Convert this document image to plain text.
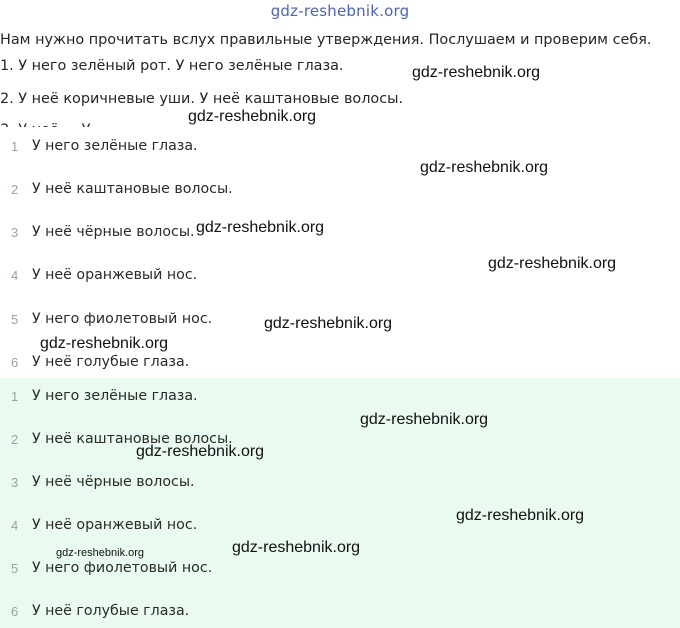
gdz-reshebnik.org
Нам нужно прочитать вслух правильные утверждения. Послушаем и проверим себя.
1. У него зелёный рот. У него зелёные глаза.
2. У неё коричневые уши. У неё каштановые волосы.
1 У него зелёные глаза.
2 У неё каштановые волосы.
3 У неё чёрные волосы.
4 У неё оранжевый нос.
5 У него фиолетовый нос.
6 У неё голубые глаза.
1 У него зелёные глаза.
2 У неё каштановые волосы.
3 У неё чёрные волосы.
4 У неё оранжевый нос.
5 У него фиолетовый нос.
6 У неё голубые глаза.
gdz-reshebnik.org
gdz-reshebnik.org
gdz-reshebnik.org
gdz-reshebnik.org
gdz-reshebnik.org
gdz-reshebnik.org
gdz-reshebnik.org
gdz-reshebnik.org
gdz-reshebnik.org
gdz-reshebnik.org
gdz-reshebnik.org
gdz-reshebnik.org
